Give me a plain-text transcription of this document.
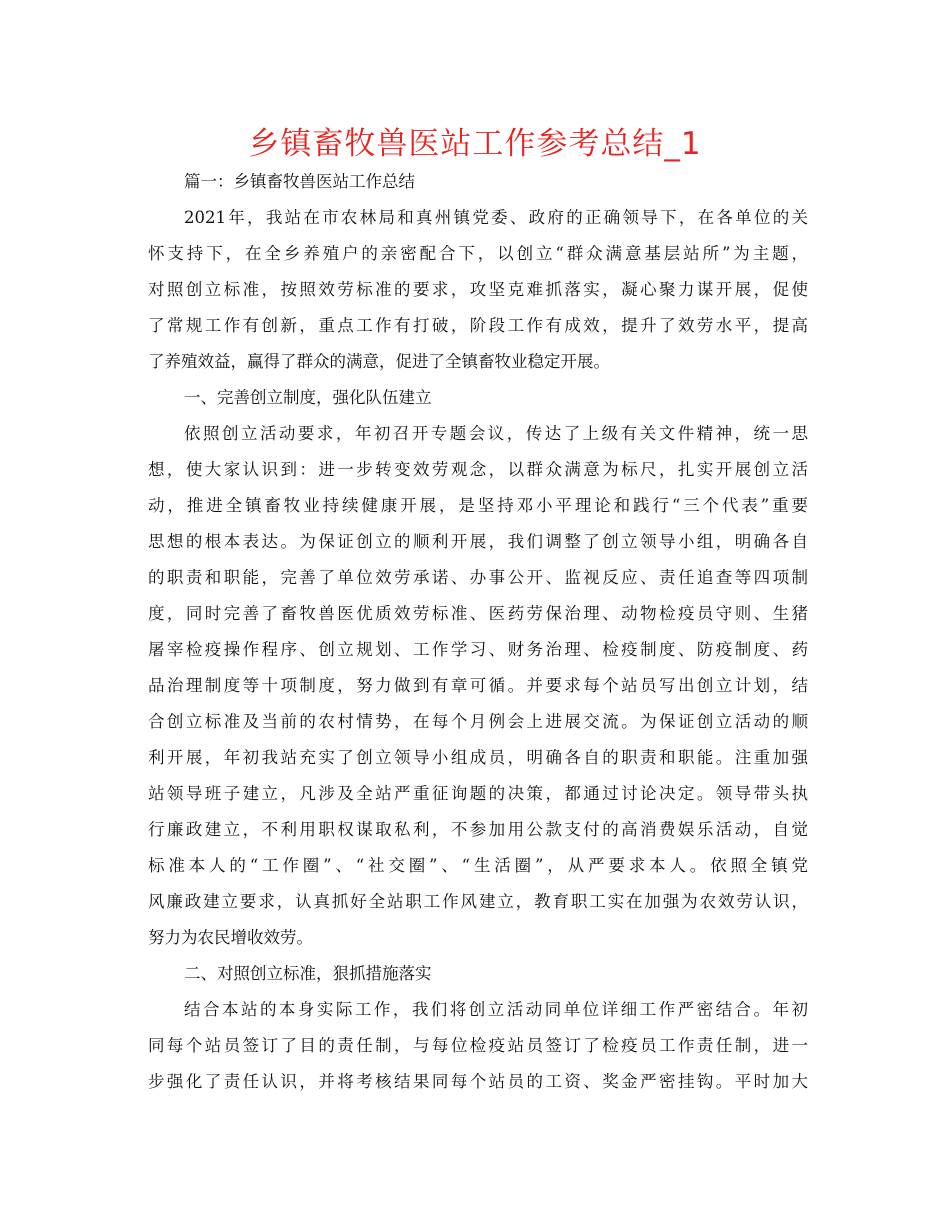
乡镇畜牧兽医站工作参考总结_1
篇一：乡镇畜牧兽医站工作总结
2021年，我站在市农林局和真州镇党委、政府的正确领导下，在各单位的关
怀支持下，在全乡养殖户的亲密配合下，以创立“群众满意基层站所”为主题，
对照创立标准，按照效劳标准的要求，攻坚克难抓落实，凝心聚力谋开展，促使
了常规工作有创新，重点工作有打破，阶段工作有成效，提升了效劳水平，提高
了养殖效益，赢得了群众的满意，促进了全镇畜牧业稳定开展。
一、完善创立制度，强化队伍建立
依照创立活动要求，年初召开专题会议，传达了上级有关文件精神，统一思
想，使大家认识到：进一步转变效劳观念，以群众满意为标尺，扎实开展创立活
动，推进全镇畜牧业持续健康开展，是坚持邓小平理论和践行“三个代表”重要
思想的根本表达。为保证创立的顺利开展，我们调整了创立领导小组，明确各自
的职责和职能，完善了单位效劳承诺、办事公开、监视反应、责任追查等四项制
度，同时完善了畜牧兽医优质效劳标准、医药劳保治理、动物检疫员守则、生猪
屠宰检疫操作程序、创立规划、工作学习、财务治理、检疫制度、防疫制度、药
品治理制度等十项制度，努力做到有章可循。并要求每个站员写出创立计划，结
合创立标准及当前的农村情势，在每个月例会上进展交流。为保证创立活动的顺
利开展，年初我站充实了创立领导小组成员，明确各自的职责和职能。注重加强
站领导班子建立，凡涉及全站严重征询题的决策，都通过讨论决定。领导带头执
行廉政建立，不利用职权谋取私利，不参加用公款支付的高消费娱乐活动，自觉
标准本人的“工作圈”、“社交圈”、“生活圈”，从严要求本人。依照全镇党
风廉政建立要求，认真抓好全站职工作风建立，教育职工实在加强为农效劳认识，
努力为农民增收效劳。
二、对照创立标准，狠抓措施落实
结合本站的本身实际工作，我们将创立活动同单位详细工作严密结合。年初
同每个站员签订了目的责任制，与每位检疫站员签订了检疫员工作责任制，进一
步强化了责任认识，并将考核结果同每个站员的工资、奖金严密挂钩。平时加大
